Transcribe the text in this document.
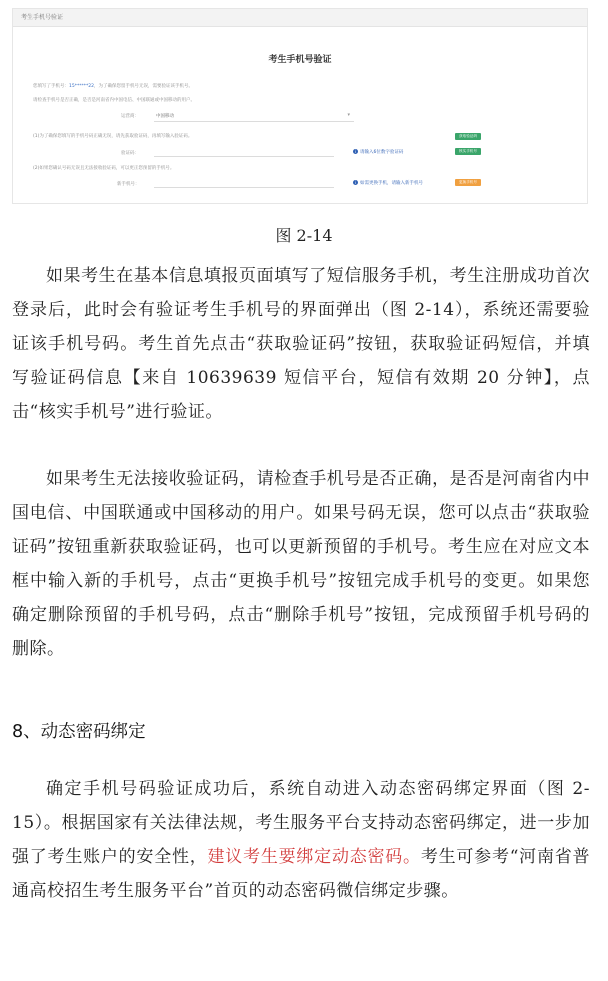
考生手机号验证
考生手机号验证
您填写了手机号：15******22，为了确保您留手机号无误，需要验证该手机号。
请检查手机号是否正确，是否是河南省内中国电信、中国联通或中国移动的用户。
运营商：	中国移动	▾
(1)为了确保您填写的手机号码正确无误，请先获取验证码，再填写输入验证码。	获取验证码
验证码：	i 请输入6位数字验证码	核实手机号
(2)如果您确认号码无误且无法接收验证码，可以更正您预留的手机号。
新手机号：	i 如需更换手机，请输入新手机号	更换手机号
图 2-14

如果考生在基本信息填报页面填写了短信服务手机，考生注册成功首次登录后，此时会有验证考生手机号的界面弹出（图 2-14），系统还需要验证该手机号码。考生首先点击“获取验证码”按钮，获取验证码短信，并填写验证码信息【来自 10639639 短信平台，短信有效期 20 分钟】，点击“核实手机号”进行验证。

如果考生无法接收验证码，请检查手机号是否正确，是否是河南省内中国电信、中国联通或中国移动的用户。如果号码无误，您可以点击“获取验证码”按钮重新获取验证码，也可以更新预留的手机号。考生应在对应文本框中输入新的手机号，点击“更换手机号”按钮完成手机号的变更。如果您确定删除预留的手机号码，点击“删除手机号”按钮，完成预留手机号码的删除。

8、动态密码绑定

确定手机号码验证成功后，系统自动进入动态密码绑定界面（图 2-15）。根据国家有关法律法规，考生服务平台支持动态密码绑定，进一步加强了考生账户的安全性，建议考生要绑定动态密码。考生可参考“河南省普通高校招生考生服务平台”首页的动态密码微信绑定步骤。
